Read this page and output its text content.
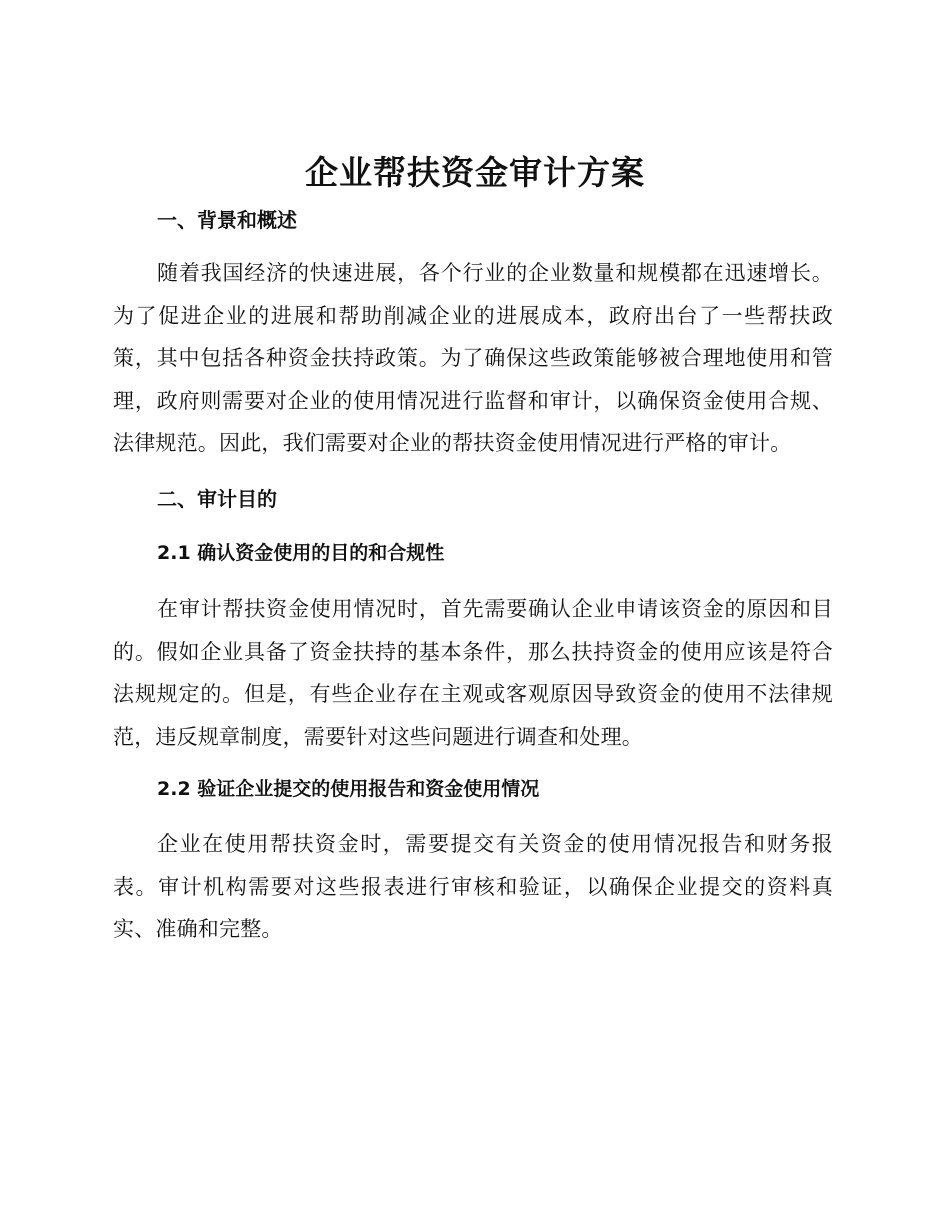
企业帮扶资金审计方案
一、背景和概述

随着我国经济的快速进展，各个行业的企业数量和规模都在迅速增长。为了促进企业的进展和帮助削减企业的进展成本，政府出台了一些帮扶政策，其中包括各种资金扶持政策。为了确保这些政策能够被合理地使用和管理，政府则需要对企业的使用情况进行监督和审计，以确保资金使用合规、法律规范。因此，我们需要对企业的帮扶资金使用情况进行严格的审计。

二、审计目的
2.1 确认资金使用的目的和合规性

在审计帮扶资金使用情况时，首先需要确认企业申请该资金的原因和目的。假如企业具备了资金扶持的基本条件，那么扶持资金的使用应该是符合法规规定的。但是，有些企业存在主观或客观原因导致资金的使用不法律规范，违反规章制度，需要针对这些问题进行调查和处理。

2.2 验证企业提交的使用报告和资金使用情况

企业在使用帮扶资金时，需要提交有关资金的使用情况报告和财务报表。审计机构需要对这些报表进行审核和验证，以确保企业提交的资料真实、准确和完整。
